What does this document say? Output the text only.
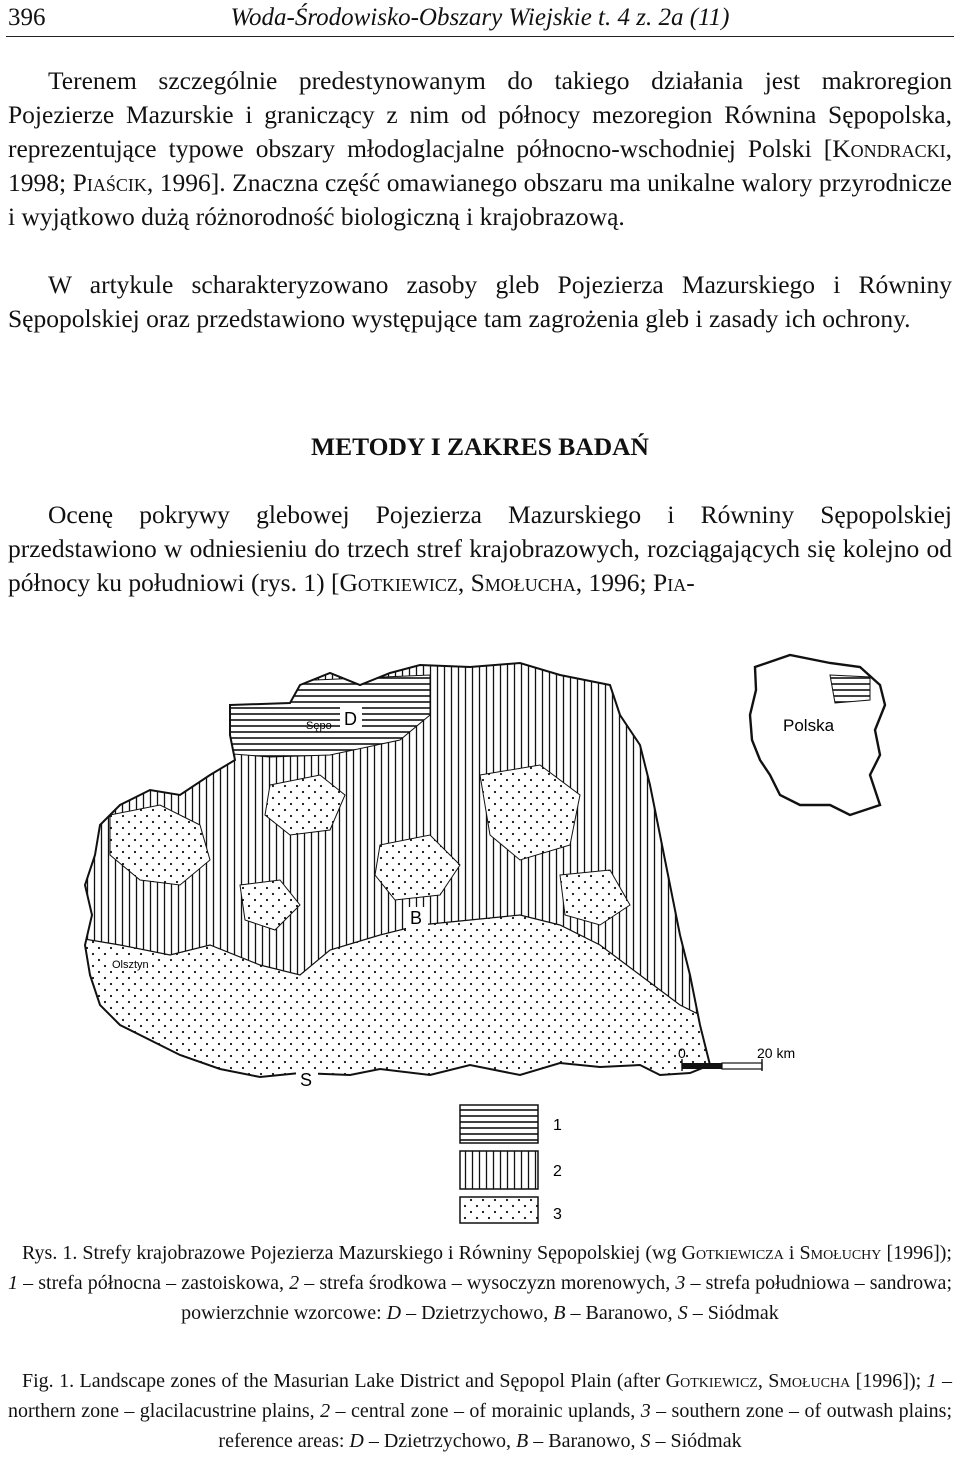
396	Woda-Środowisko-Obszary Wiejskie t. 4 z. 2a (11)

Terenem szczególnie predestynowanym do takiego działania jest makroregion Pojezierze Mazurskie i graniczący z nim od północy mezoregion Równina Sępopolska, reprezentujące typowe obszary młodoglacjalne północno-wschodniej Polski [Kondracki, 1998; Piaścik, 1996]. Znaczna część omawianego obszaru ma unikalne walory przyrodnicze i wyjątkowo dużą różnorodność biologiczną i krajobrazową.

W artykule scharakteryzowano zasoby gleb Pojezierza Mazurskiego i Równiny Sępopolskiej oraz przedstawiono występujące tam zagrożenia gleb i zasady ich ochrony.

METODY I ZAKRES BADAŃ

Ocenę pokrywy glebowej Pojezierza Mazurskiego i Równiny Sępopolskiej przedstawiono w odniesieniu do trzech stref krajobrazowych, rozciągających się kolejno od północy ku południowi (rys. 1) [Gotkiewicz, Smołucha, 1996; Pia-

D
Sępo
B
S
Olsztyn
Polska
0	20 km
1
2
3

Rys. 1. Strefy krajobrazowe Pojezierza Mazurskiego i Równiny Sępopolskiej (wg Gotkiewicza i Smołuchy [1996]); 1 – strefa północna – zastoiskowa, 2 – strefa środkowa – wysoczyzn morenowych, 3 – strefa południowa – sandrowa; powierzchnie wzorcowe: D – Dzietrzychowo, B – Baranowo, S – Siódmak

Fig. 1. Landscape zones of the Masurian Lake District and Sępopol Plain (after Gotkiewicz, Smołucha [1996]); 1 – northern zone – glacilacustrine plains, 2 – central zone – of morainic uplands, 3 – southern zone – of outwash plains; reference areas: D – Dzietrzychowo, B – Baranowo, S – Siódmak
